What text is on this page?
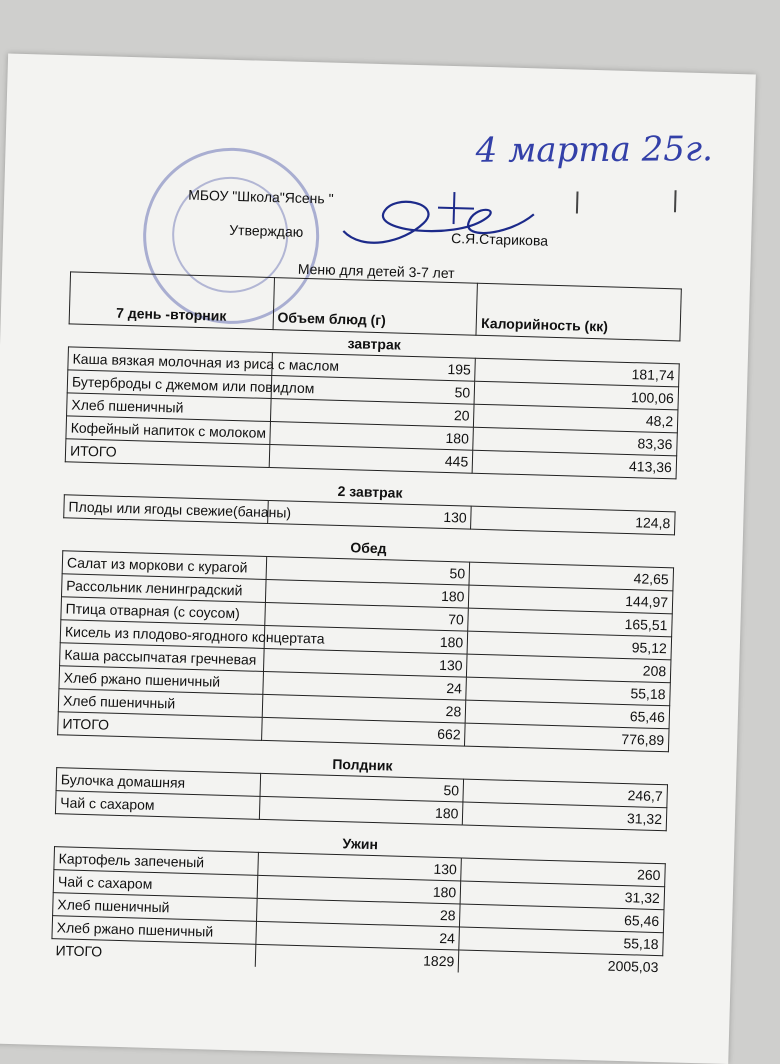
4 марта 25г.
МБОУ "Школа"Ясень "
Утверждаю	С.Я.Старикова
Меню для детей 3-7 лет		
7 день -вторник	Объем блюд (г)	Калорийность (кк)

завтрак		
Каша вязкая молочная из риса с маслом	195	181,74
Бутерброды с джемом или повидлом	50	100,06
Хлеб пшеничный	20	48,2
Кофейный напиток с молоком	180	83,36
ИТОГО	445	413,36

2 завтрак		
Плоды или ягоды свежие(бананы)	130	124,8

Обед		
Салат из моркови с курагой	50	42,65
Рассольник ленинградский	180	144,97
Птица отварная (с соусом)	70	165,51
Кисель из плодово-ягодного концертата	180	95,12
Каша рассыпчатая гречневая	130	208
Хлеб ржано пшеничный	24	55,18
Хлеб пшеничный	28	65,46
ИТОГО	662	776,89

Полдник		
Булочка домашняя	50	246,7
Чай с сахаром	180	31,32

Ужин		
Картофель запеченый	130	260
Чай с сахаром	180	31,32
Хлеб пшеничный	28	65,46
Хлеб ржано пшеничный	24	55,18
ИТОГО	1829	2005,03
